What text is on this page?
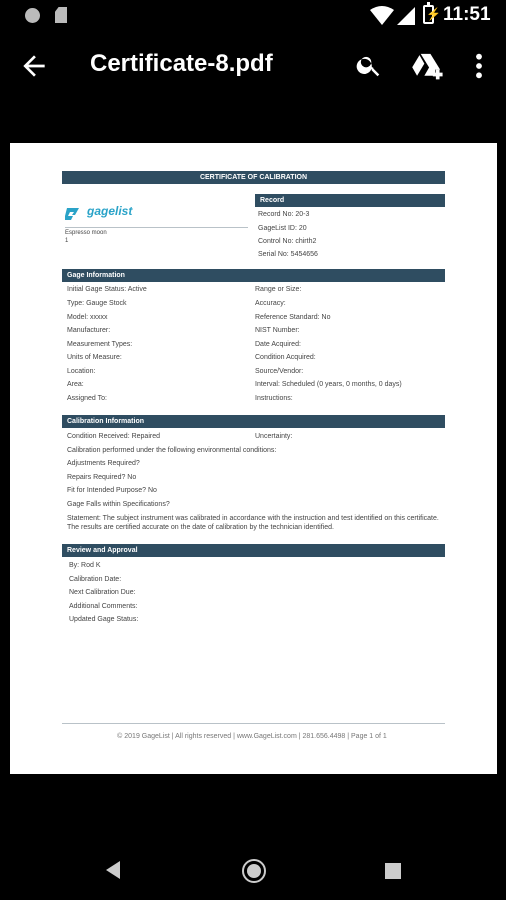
⚡ 11:51
Certificate-8.pdf
CERTIFICATE OF CALIBRATION
gagelist
Espresso moon
1
Record
Record No: 20-3
GageList ID: 20
Control No: chirth2
Serial No: 5454656
Gage Information
Initial Gage Status: Active
Type: Gauge Stock
Model: xxxxx
Manufacturer:
Measurement Types:
Units of Measure:
Location:
Area:
Assigned To:
Range or Size:
Accuracy:
Reference Standard: No
NIST Number:
Date Acquired:
Condition Acquired:
Source/Vendor:
Interval: Scheduled (0 years, 0 months, 0 days)
Instructions:
Calibration Information
Condition Received: Repaired	Uncertainty:
Calibration performed under the following environmental conditions:
Adjustments Required?
Repairs Required? No
Fit for Intended Purpose? No
Gage Falls within Specifications?
Statement: The subject instrument was calibrated in accordance with the instruction and test identified on this certificate. The results are certified accurate on the date of calibration by the technician identified.
Review and Approval
By: Rod K
Calibration Date:
Next Calibration Due:
Additional Comments:
Updated Gage Status:
© 2019 GageList | All rights reserved | www.GageList.com | 281.656.4498 | Page 1 of 1
